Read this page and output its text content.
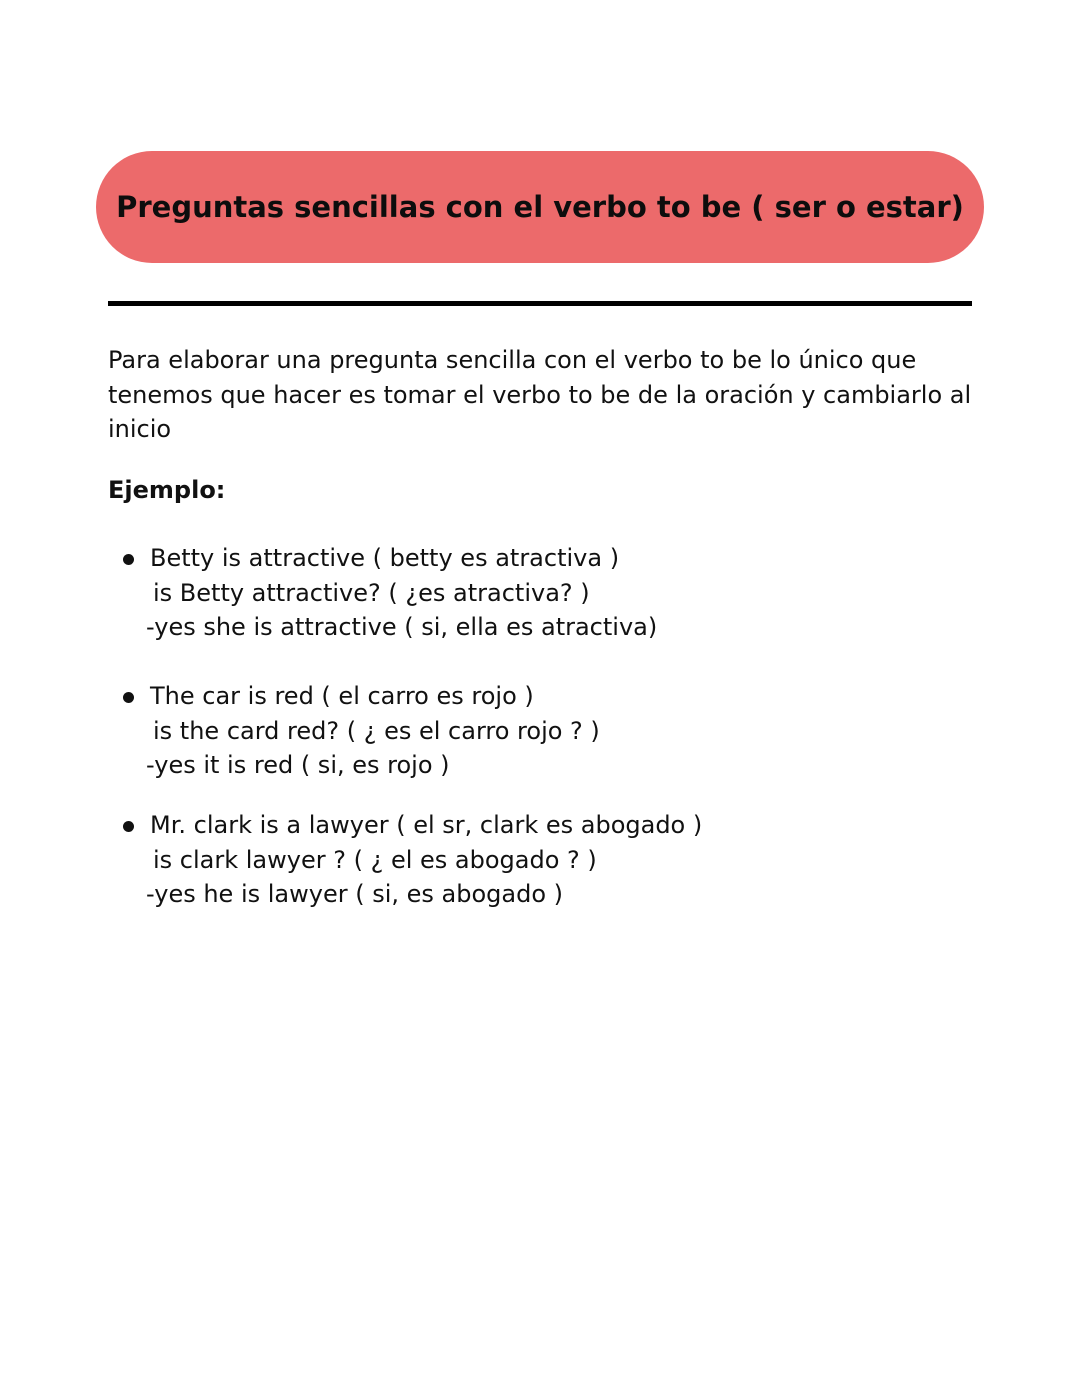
Preguntas sencillas con el verbo to be ( ser o estar)

Para elaborar una pregunta sencilla con el verbo to be lo único que tenemos que hacer es tomar el verbo to be de la oración y cambiarlo al inicio

Ejemplo:

Betty is attractive ( betty es atractiva )

is Betty attractive? ( ¿es atractiva? )

-yes she is attractive ( si, ella es atractiva)

The car is red ( el carro es rojo )

is the card red? ( ¿ es el carro rojo ? )

-yes it is red ( si, es rojo )

Mr. clark is a lawyer ( el sr, clark es abogado )

is clark lawyer ? ( ¿ el es abogado ? )

-yes he is lawyer ( si, es abogado )
